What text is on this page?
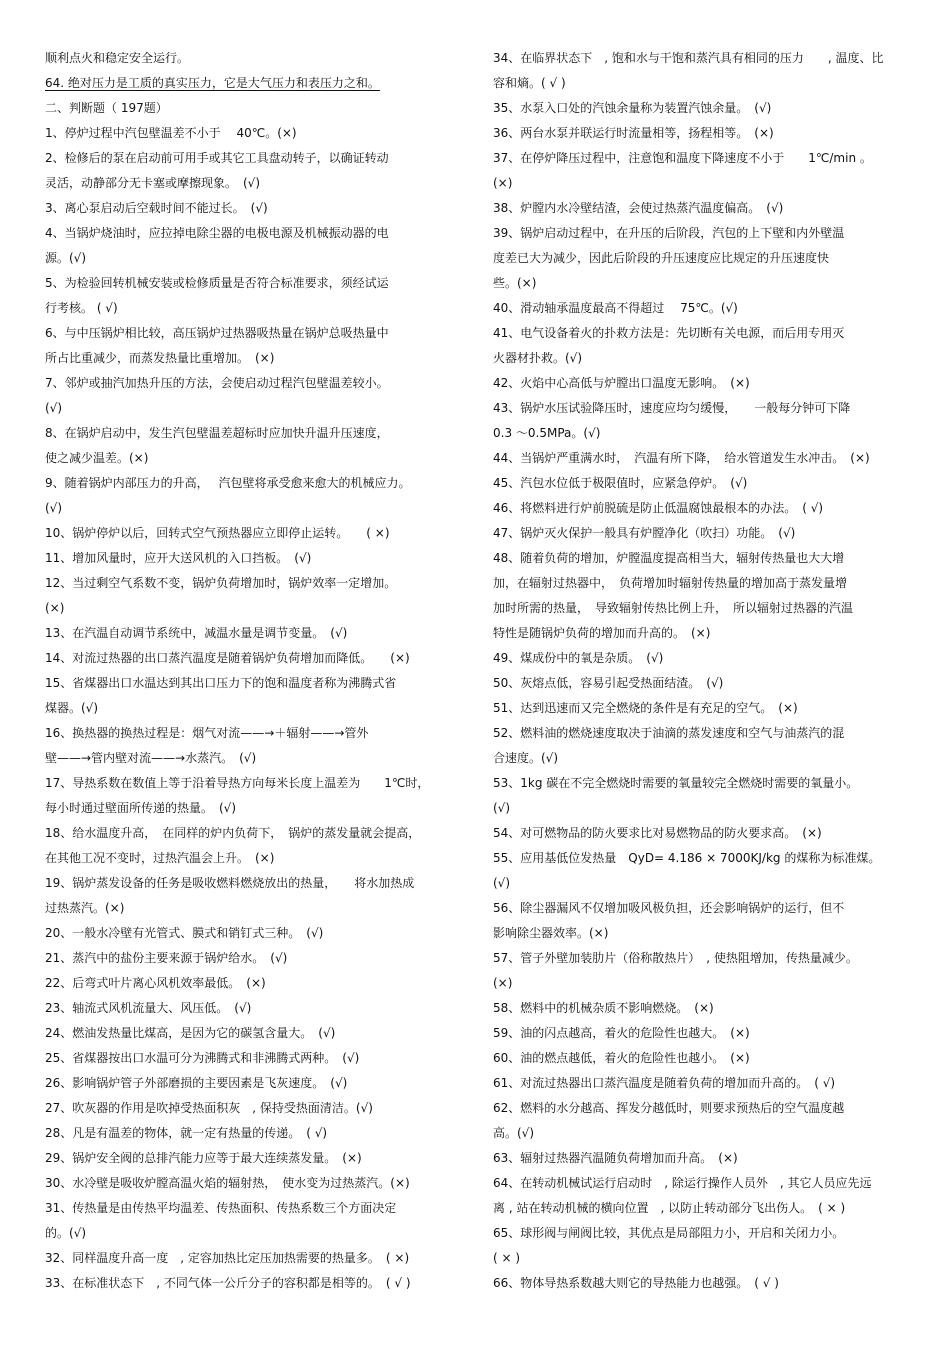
顺利点火和稳定安全运行。

64. 绝对压力是工质的真实压力，它是大气压力和表压力之和。

二、判断题（ 197题）

1、停炉过程中汽包壁温差不小于　 40℃。(×)

2、检修后的泵在启动前可用手或其它工具盘动转子，以确证转动

灵活，动静部分无卡塞或摩擦现象。　(√)

3、离心泵启动后空载时间不能过长。　(√)

4、当锅炉烧油时，应拉掉电除尘器的电极电源及机械振动器的电

源。(√)

5、为检验回转机械安装或检修质量是否符合标准要求，须经试运

行考核。 ( √)

6、与中压锅炉相比较，高压锅炉过热器吸热量在锅炉总吸热量中

所占比重减少，而蒸发热量比重增加。　(×)

7、邻炉或抽汽加热升压的方法，会使启动过程汽包壁温差较小。

(√)

8、在锅炉启动中，发生汽包壁温差超标时应加快升温升压速度，

使之减少温差。(×)

9、随着锅炉内部压力的升高，　 汽包壁将承受愈来愈大的机械应力。

(√)

10、锅炉停炉以后，回转式空气预热器应立即停止运转。　　( ×)

11、增加风量时，应开大送风机的入口挡板。　(√)

12、当过剩空气系数不变，锅炉负荷增加时，锅炉效率一定增加。

(×)

13、在汽温自动调节系统中，减温水量是调节变量。　(√)

14、对流过热器的出口蒸汽温度是随着锅炉负荷增加而降低。　　(×)

15、省煤器出口水温达到其出口压力下的饱和温度者称为沸腾式省

煤器。(√)

16、换热器的换热过程是：烟气对流——→＋辐射——→管外

壁——→管内壁对流——→水蒸汽。　(√)

17、导热系数在数值上等于沿着导热方向每米长度上温差为　　1℃时，

每小时通过壁面所传递的热量。　(√)

18、给水温度升高，　在同样的炉内负荷下，　锅炉的蒸发量就会提高，

在其他工况不变时，过热汽温会上升。　(×)

19、锅炉蒸发设备的任务是吸收燃料燃烧放出的热量，　　将水加热成

过热蒸汽。(×)

20、一般水冷壁有光管式、膜式和销钉式三种。　(√)

21、蒸汽中的盐份主要来源于锅炉给水。　(√)

22、后弯式叶片离心风机效率最低。　(×)

23、轴流式风机流量大、风压低。　(√)

24、燃油发热量比煤高，是因为它的碳氢含量大。　(√)

25、省煤器按出口水温可分为沸腾式和非沸腾式两种。　(√)

26、影响锅炉管子外部磨损的主要因素是飞灰速度。　(√)

27、吹灰器的作用是吹掉受热面积灰　, 保持受热面清洁。(√)

28、凡是有温差的物体，就一定有热量的传递。　( √)

29、锅炉安全阀的总排汽能力应等于最大连续蒸发量。　(×)

30、水冷壁是吸收炉膛高温火焰的辐射热，　使水变为过热蒸汽。(×)

31、传热量是由传热平均温差、传热面积、传热系数三个方面决定

的。(√)

32、同样温度升高一度　, 定容加热比定压加热需要的热量多。　( ×)

33、在标准状态下　, 不同气体一公斤分子的容积都是相等的。　( √ )

34、在临界状态下　, 饱和水与干饱和蒸汽具有相同的压力　　, 温度、比

容和熵。( √ )

35、水泵入口处的汽蚀余量称为装置汽蚀余量。　(√)

36、两台水泵并联运行时流量相等，扬程相等。　(×)

37、在停炉降压过程中，注意饱和温度下降速度不小于　　1℃/min 。

(×)

38、炉膛内水冷壁结渣，会使过热蒸汽温度偏高。　(√)

39、锅炉启动过程中，在升压的后阶段，汽包的上下壁和内外壁温

度差已大为减少，因此后阶段的升压速度应比规定的升压速度快

些。(×)

40、滑动轴承温度最高不得超过　 75℃。(√)

41、电气设备着火的扑救方法是：先切断有关电源，而后用专用灭

火器材扑救。(√)

42、火焰中心高低与炉膛出口温度无影响。　(×)

43、锅炉水压试验降压时，速度应均匀缓慢，　　一般每分钟可下降

0.3 ～0.5MPa。(√)

44、当锅炉严重满水时，　汽温有所下降，　给水管道发生水冲击。　(×)

45、汽包水位低于极限值时，应紧急停炉。　(√)

46、将燃料进行炉前脱硫是防止低温腐蚀最根本的办法。　( √)

47、锅炉灭火保护一般具有炉膛净化（吹扫）功能。　(√)

48、随着负荷的增加，炉膛温度提高相当大，辐射传热量也大大增

加，在辐射过热器中，　负荷增加时辐射传热量的增加高于蒸发量增

加时所需的热量，　导致辐射传热比例上升，　所以辐射过热器的汽温

特性是随锅炉负荷的增加而升高的。　(×)

49、煤成份中的氧是杂质。　(√)

50、灰熔点低，容易引起受热面结渣。　(√)

51、达到迅速而又完全燃烧的条件是有充足的空气。　(×)

52、燃料油的燃烧速度取决于油滴的蒸发速度和空气与油蒸汽的混

合速度。(√)

53、1kg 碳在不完全燃烧时需要的氧量较完全燃烧时需要的氧量小。

(√)

54、对可燃物品的防火要求比对易燃物品的防火要求高。　(×)

55、应用基低位发热量　QyD= 4.186 × 7000KJ/kg 的煤称为标准煤。

(√)

56、除尘器漏风不仅增加吸风极负担，还会影响锅炉的运行，但不

影响除尘器效率。(×)

57、管子外壁加装肋片（俗称散热片）　, 使热阻增加，传热量减少。

(×)

58、燃料中的机械杂质不影响燃烧。　(×)

59、油的闪点越高，着火的危险性也越大。　(×)

60、油的燃点越低，着火的危险性也越小。　(×)

61、对流过热器出口蒸汽温度是随着负荷的增加而升高的。　( √)

62、燃料的水分越高、挥发分越低时，则要求预热后的空气温度越

高。(√)

63、辐射过热器汽温随负荷增加而升高。　(×)

64、在转动机械试运行启动时　, 除运行操作人员外　, 其它人员应先远

离 , 站在转动机械的横向位置　, 以防止转动部分飞出伤人。　( × )

65、球形阀与闸阀比较，其优点是局部阻力小，开启和关闭力小。

( × )

66、物体导热系数越大则它的导热能力也越强。　( √ )
